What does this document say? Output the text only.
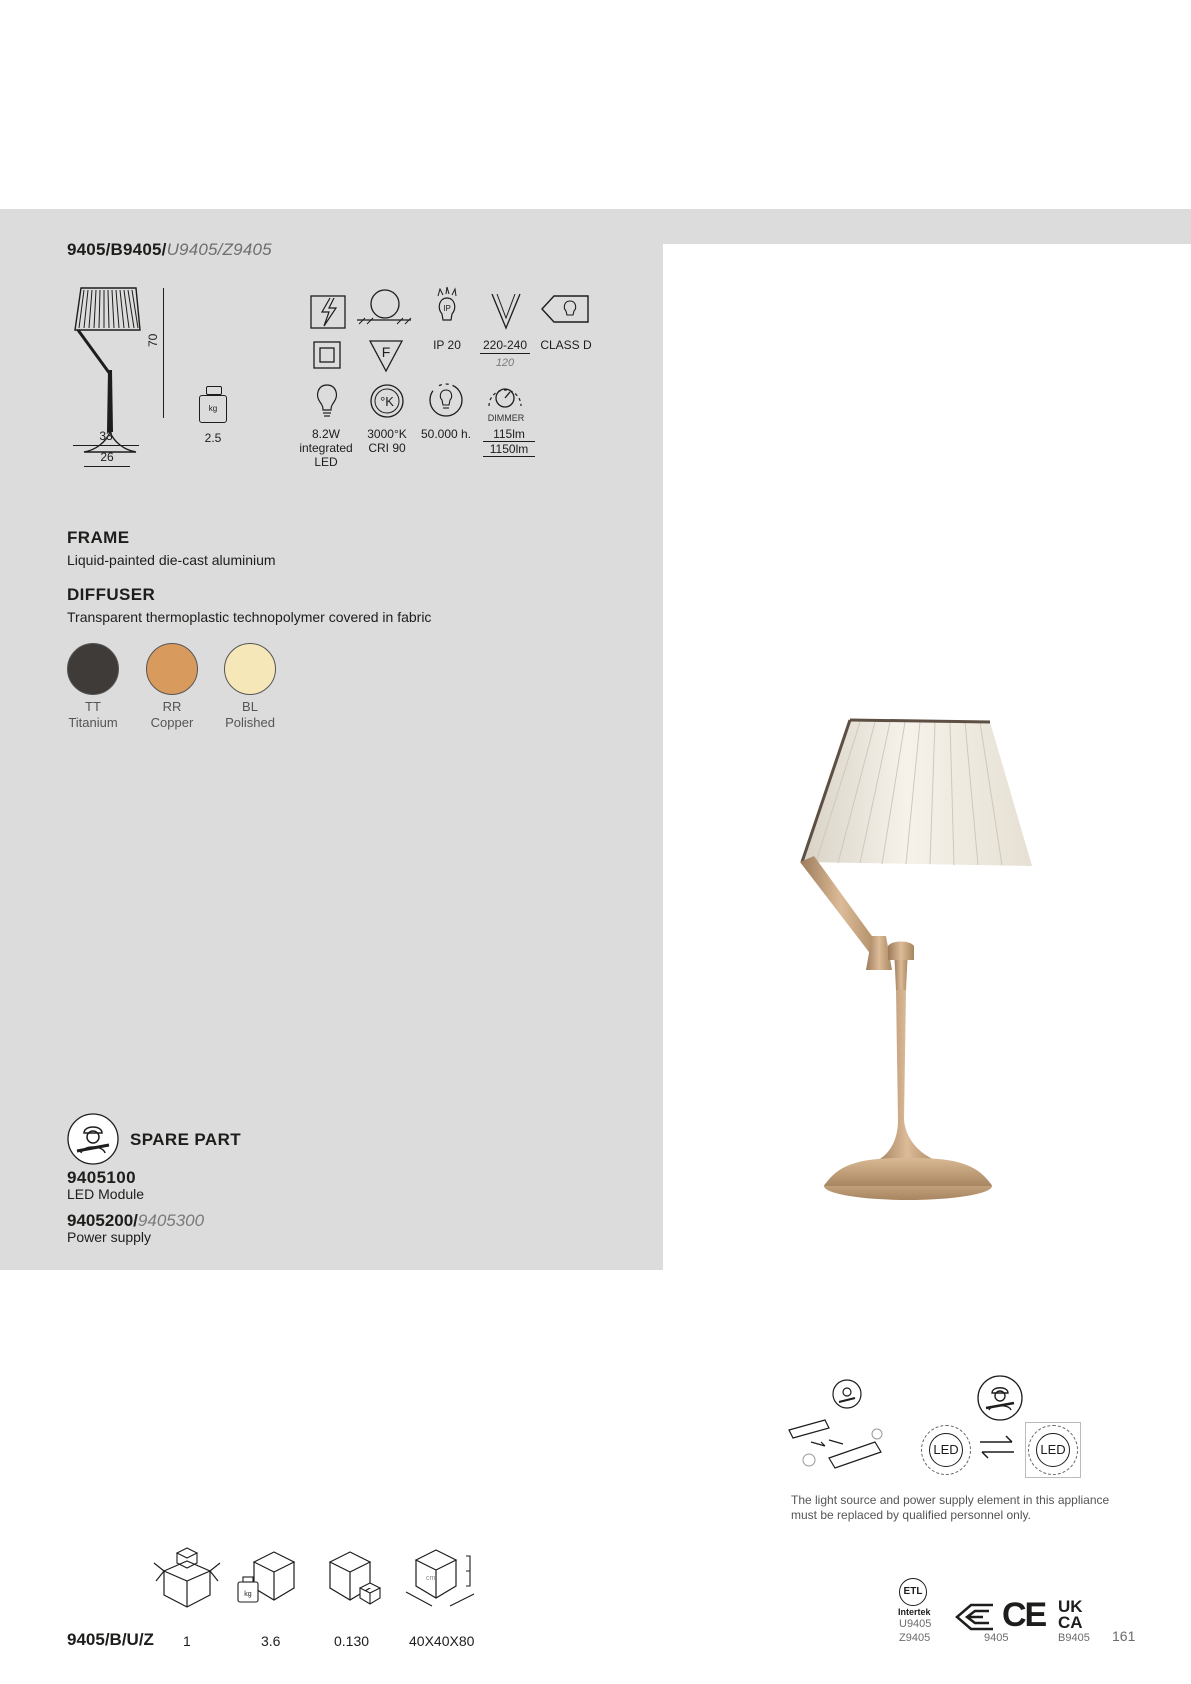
9405/B9405/U9405/Z9405
70
33
26
kg
2.5
IP
F	IP 20	220-240
120
CLASS D
°K
DIMMER
8.2W
integrated
LED
3000°K
CRI 90
50.000 h.	115lm
1150lm
FRAME
Liquid-painted die-cast aluminium
DIFFUSER
Transparent thermoplastic technopolymer covered in fabric
TT
Titanium
RR
Copper
BL
Polished
SPARE PART
9405100
LED Module
9405200/9405300
Power supply
LED	LED
The light source and power supply element in this appliance
must be replaced by qualified personnel only.
kg
cm
9405/B/U/Z 1	3.6	0.130	40X40X80
ETL
Intertek
U9405
Z9405	9405
CE UK
CA
B9405 161
